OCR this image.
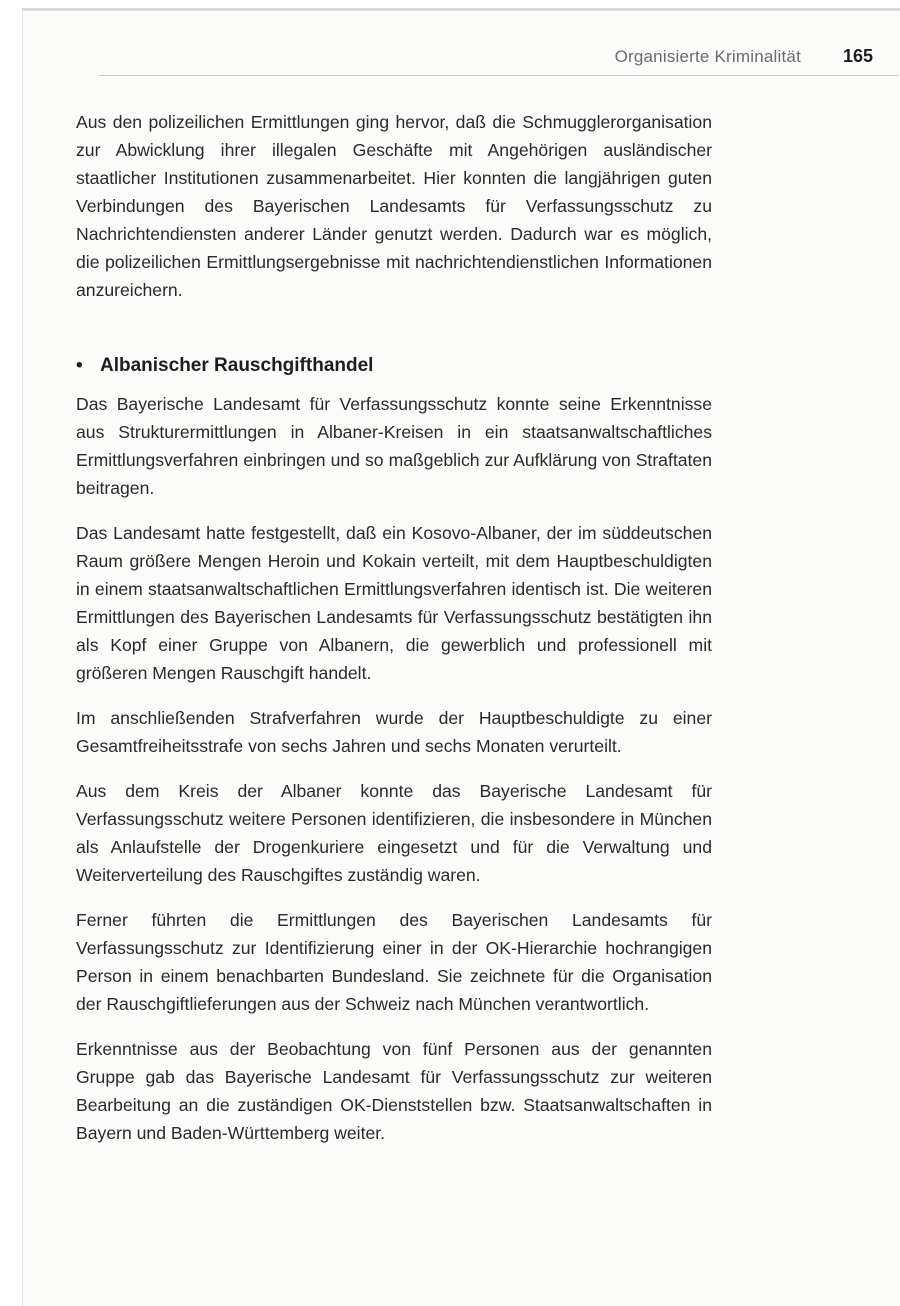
Organisierte Kriminalität 165

Aus den polizeilichen Ermittlungen ging hervor, daß die Schmugglerorganisation zur Abwicklung ihrer illegalen Geschäfte mit Angehörigen ausländischer staatlicher Institutionen zusammenarbeitet. Hier konnten die langjährigen guten Verbindungen des Bayerischen Landesamts für Verfassungsschutz zu Nachrichtendiensten anderer Länder genutzt werden. Dadurch war es möglich, die polizeilichen Ermittlungsergebnisse mit nachrichtendienstlichen Informationen anzureichern.

• Albanischer Rauschgifthandel

Das Bayerische Landesamt für Verfassungsschutz konnte seine Erkenntnisse aus Strukturermittlungen in Albaner-Kreisen in ein staatsanwaltschaftliches Ermittlungsverfahren einbringen und so maßgeblich zur Aufklärung von Straftaten beitragen.

Das Landesamt hatte festgestellt, daß ein Kosovo-Albaner, der im süddeutschen Raum größere Mengen Heroin und Kokain verteilt, mit dem Hauptbeschuldigten in einem staatsanwaltschaftlichen Ermittlungsverfahren identisch ist. Die weiteren Ermittlungen des Bayerischen Landesamts für Verfassungsschutz bestätigten ihn als Kopf einer Gruppe von Albanern, die gewerblich und professionell mit größeren Mengen Rauschgift handelt.

Im anschließenden Strafverfahren wurde der Hauptbeschuldigte zu einer Gesamtfreiheitsstrafe von sechs Jahren und sechs Monaten verurteilt.

Aus dem Kreis der Albaner konnte das Bayerische Landesamt für Verfassungsschutz weitere Personen identifizieren, die insbesondere in München als Anlaufstelle der Drogenkuriere eingesetzt und für die Verwaltung und Weiterverteilung des Rauschgiftes zuständig waren.

Ferner führten die Ermittlungen des Bayerischen Landesamts für Verfassungsschutz zur Identifizierung einer in der OK-Hierarchie hochrangigen Person in einem benachbarten Bundesland. Sie zeichnete für die Organisation der Rauschgiftlieferungen aus der Schweiz nach München verantwortlich.

Erkenntnisse aus der Beobachtung von fünf Personen aus der genannten Gruppe gab das Bayerische Landesamt für Verfassungsschutz zur weiteren Bearbeitung an die zuständigen OK-Dienststellen bzw. Staatsanwaltschaften in Bayern und Baden-Württemberg weiter.
